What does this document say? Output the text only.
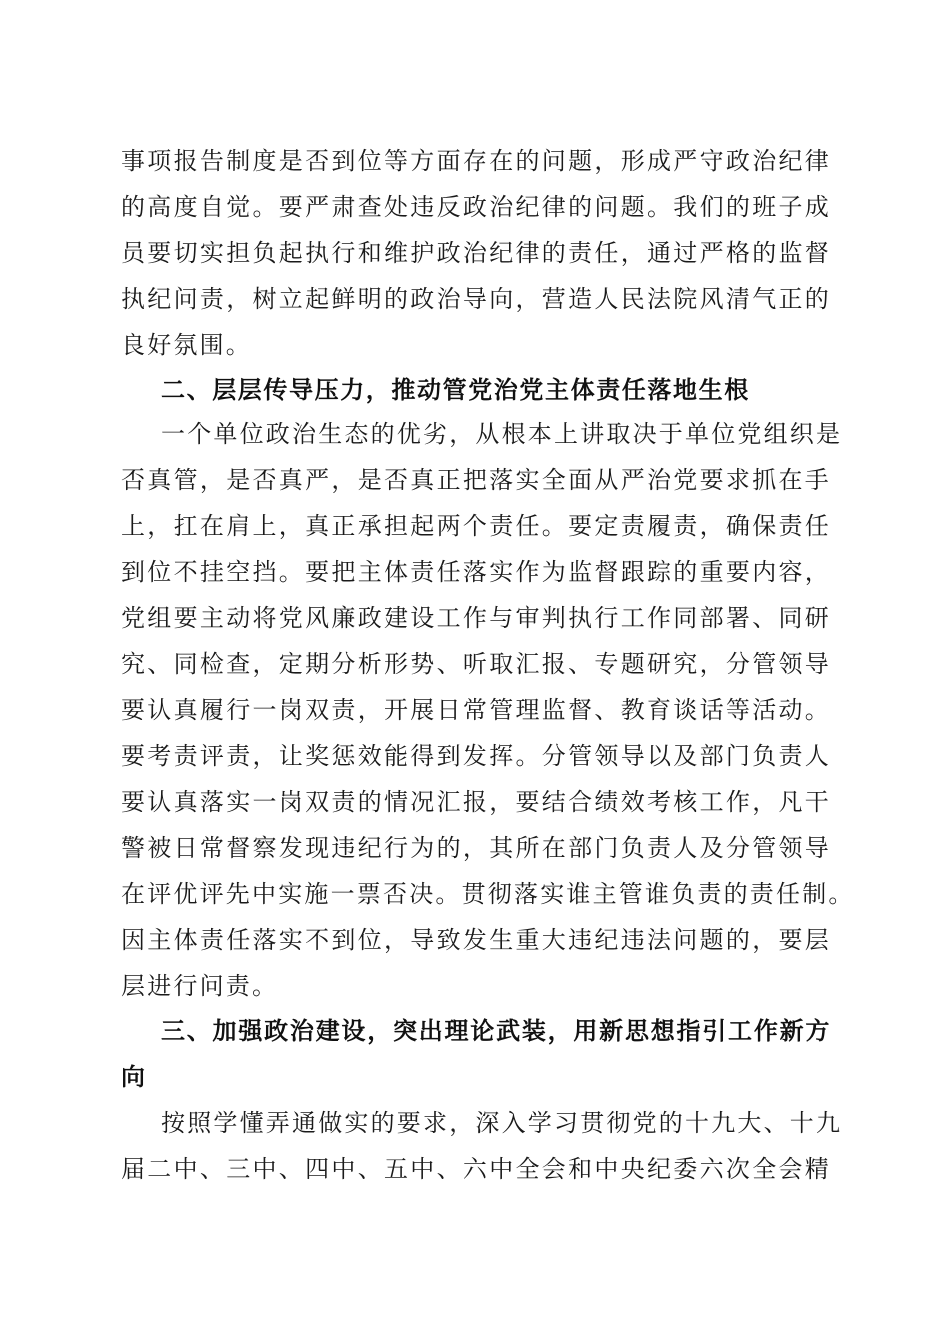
事项报告制度是否到位等方面存在的问题，形成严守政治纪律
的高度自觉。要严肃查处违反政治纪律的问题。我们的班子成
员要切实担负起执行和维护政治纪律的责任，通过严格的监督
执纪问责，树立起鲜明的政治导向，营造人民法院风清气正的
良好氛围。
二、层层传导压力，推动管党治党主体责任落地生根
一个单位政治生态的优劣，从根本上讲取决于单位党组织是
否真管，是否真严，是否真正把落实全面从严治党要求抓在手
上，扛在肩上，真正承担起两个责任。要定责履责，确保责任
到位不挂空挡。要把主体责任落实作为监督跟踪的重要内容，
党组要主动将党风廉政建设工作与审判执行工作同部署、同研
究、同检查，定期分析形势、听取汇报、专题研究，分管领导
要认真履行一岗双责，开展日常管理监督、教育谈话等活动。
要考责评责，让奖惩效能得到发挥。分管领导以及部门负责人
要认真落实一岗双责的情况汇报，要结合绩效考核工作，凡干
警被日常督察发现违纪行为的，其所在部门负责人及分管领导
在评优评先中实施一票否决。贯彻落实谁主管谁负责的责任制。
因主体责任落实不到位，导致发生重大违纪违法问题的，要层
层进行问责。
三、加强政治建设，突出理论武装，用新思想指引工作新方
向
按照学懂弄通做实的要求，深入学习贯彻党的十九大、十九
届二中、三中、四中、五中、六中全会和中央纪委六次全会精
